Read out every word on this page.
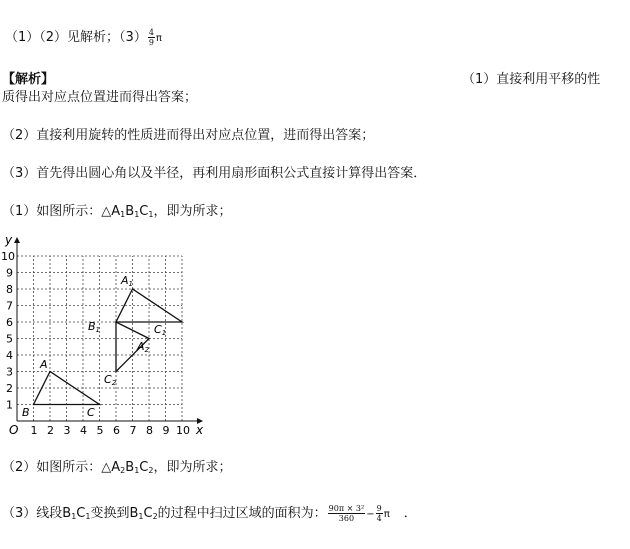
（1）（2）见解析；$(3) \frac{4}{9}$ π
【解析】	（1）直接利用平移的性
质得出对应点位置进而得出答案；
（2）直接利用旋转的性质进而得出对应点位置，进而得出答案；
（3）首先得出圆心角以及半径，再利用扇形面积公式直接计算得出答案．
（1）如图所示：$\triangle A_1B_1C_1$，即为所求；
1 2 3 4 5 6 7 8 9 10
1
2
3
4
5
6
7
8
9
10
O	x
y
A
B	C
A1
B1	C1
A2
C2
（2）如图所示：$\triangle A_2B_1C_2$，即为所求；
（3）线段$B_1C_1$变换到$B_1C_2$的过程中扫过区域的面积为： $\frac{\text{90π × 3²}}{360} - \frac{9}{4}$ π ．
